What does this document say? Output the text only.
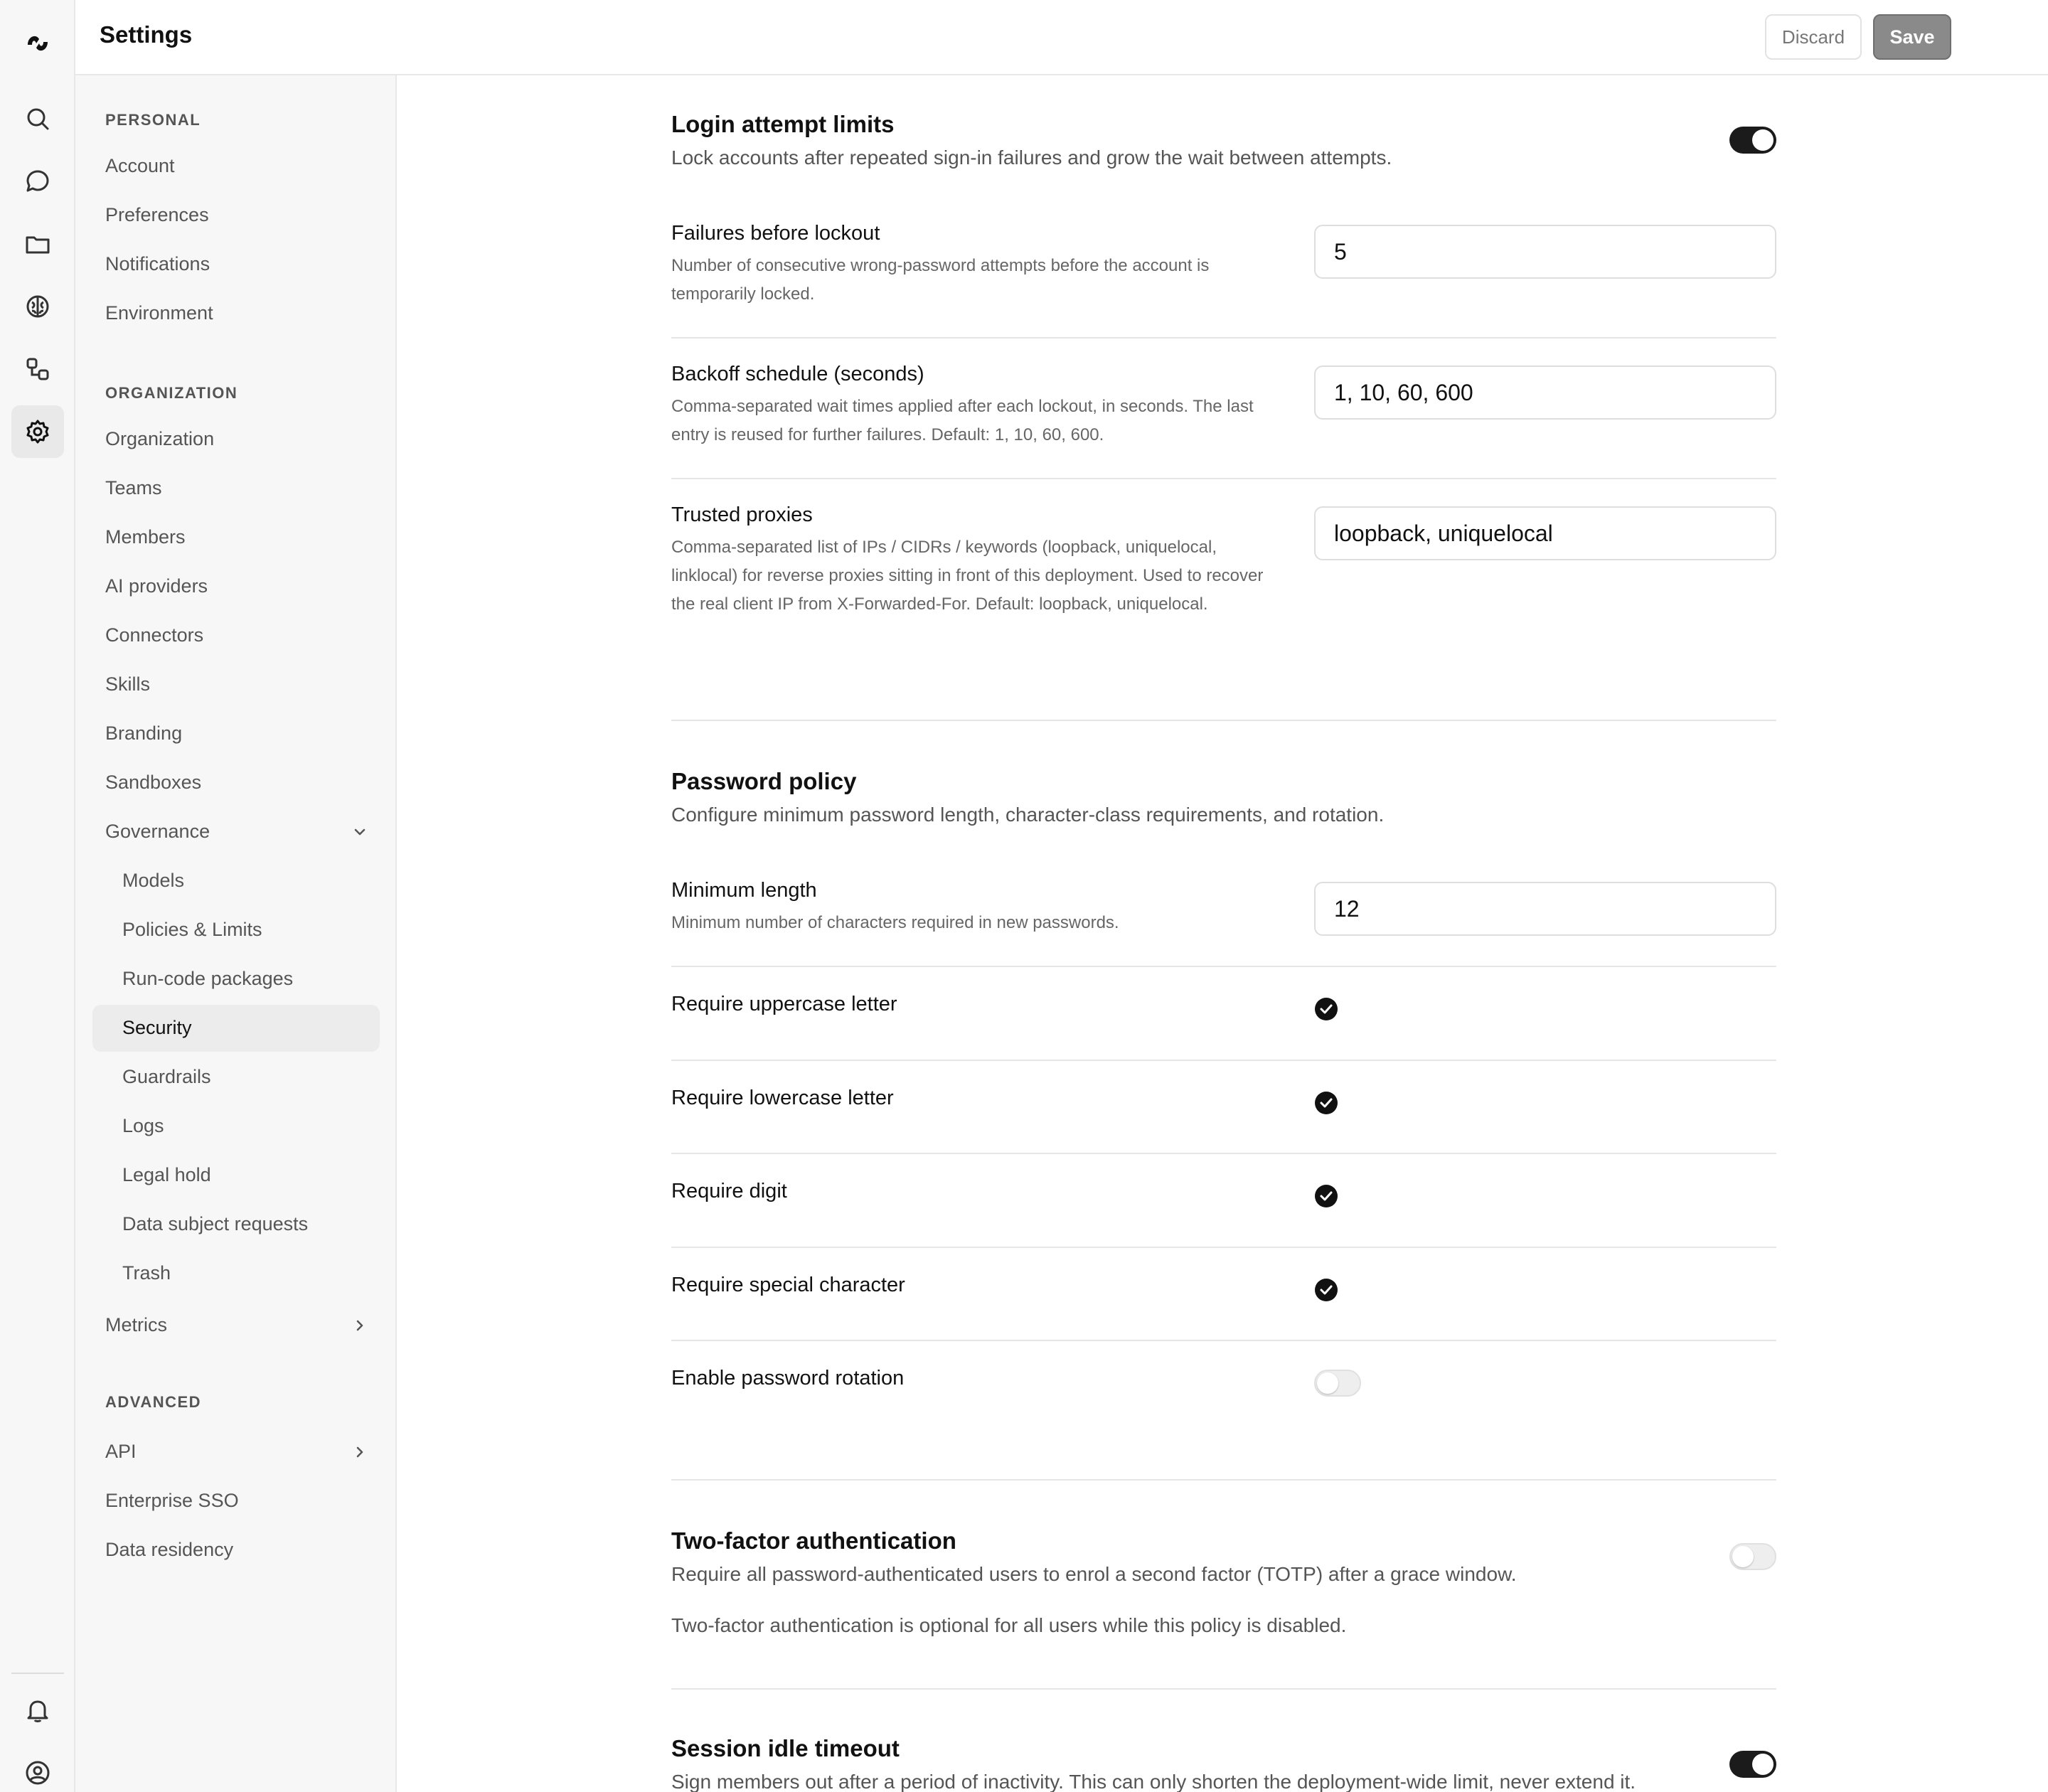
Settings	Discard	Save
PERSONAL
Account
Preferences
Notifications
Environment
ORGANIZATION
Organization
Teams
Members
AI providers
Connectors
Skills
Branding
Sandboxes
Governance
Models
Policies & Limits
Run-code packages
Security
Guardrails
Logs
Legal hold
Data subject requests
Trash
Metrics
ADVANCED
API
Enterprise SSO
Data residency
Login attempt limits
Lock accounts after repeated sign-in failures and grow the wait between attempts.
Failures before lockout
Number of consecutive wrong-password attempts before the account is temporarily locked.
5
Backoff schedule (seconds)
Comma-separated wait times applied after each lockout, in seconds. The last entry is reused for further failures. Default: 1, 10, 60, 600.
1, 10, 60, 600
Trusted proxies
Comma-separated list of IPs / CIDRs / keywords (loopback, uniquelocal, linklocal) for reverse proxies sitting in front of this deployment. Used to recover the real client IP from X-Forwarded-For. Default: loopback, uniquelocal.
loopback, uniquelocal
Password policy
Configure minimum password length, character-class requirements, and rotation.
Minimum length
Minimum number of characters required in new passwords.
12
Require uppercase letter
Require lowercase letter
Require digit
Require special character
Enable password rotation
Two-factor authentication
Require all password-authenticated users to enrol a second factor (TOTP) after a grace window.
Two-factor authentication is optional for all users while this policy is disabled.
Session idle timeout
Sign members out after a period of inactivity. This can only shorten the deployment-wide limit, never extend it.
